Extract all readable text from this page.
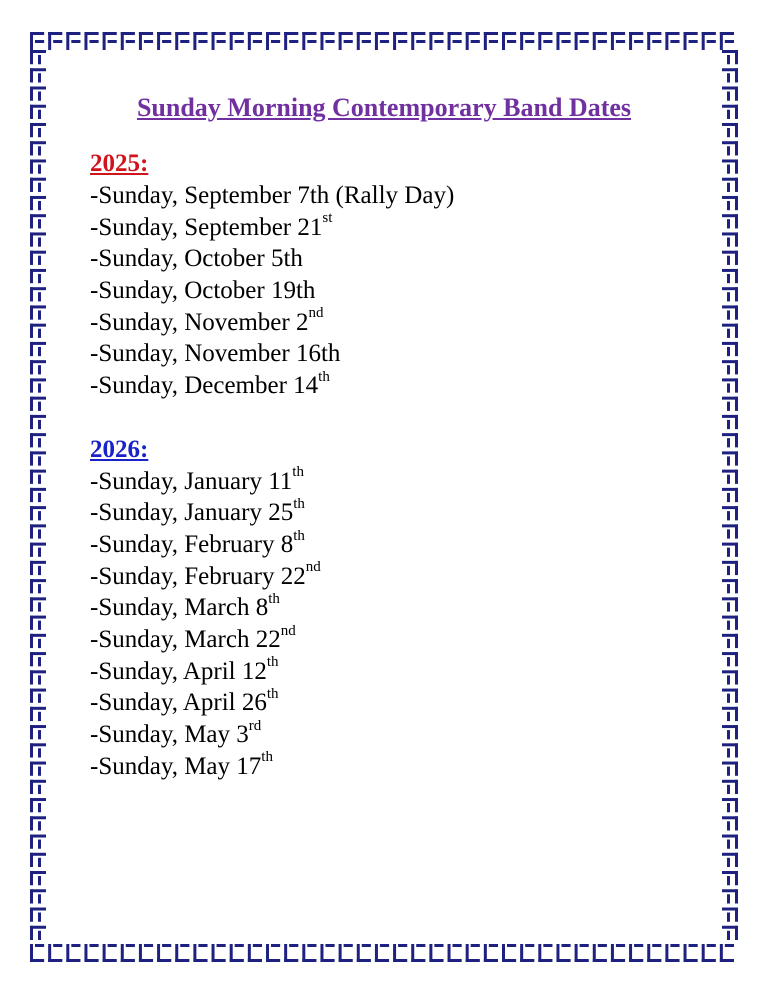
Sunday Morning Contemporary Band Dates
2025:
-Sunday, September 7th (Rally Day)
-Sunday, September 21st
-Sunday, October 5th
-Sunday, October 19th
-Sunday, November 2nd
-Sunday, November 16th
-Sunday, December 14th
2026:
-Sunday, January 11th
-Sunday, January 25th
-Sunday, February 8th
-Sunday, February 22nd
-Sunday, March 8th
-Sunday, March 22nd
-Sunday, April 12th
-Sunday, April 26th
-Sunday, May 3rd
-Sunday, May 17th
